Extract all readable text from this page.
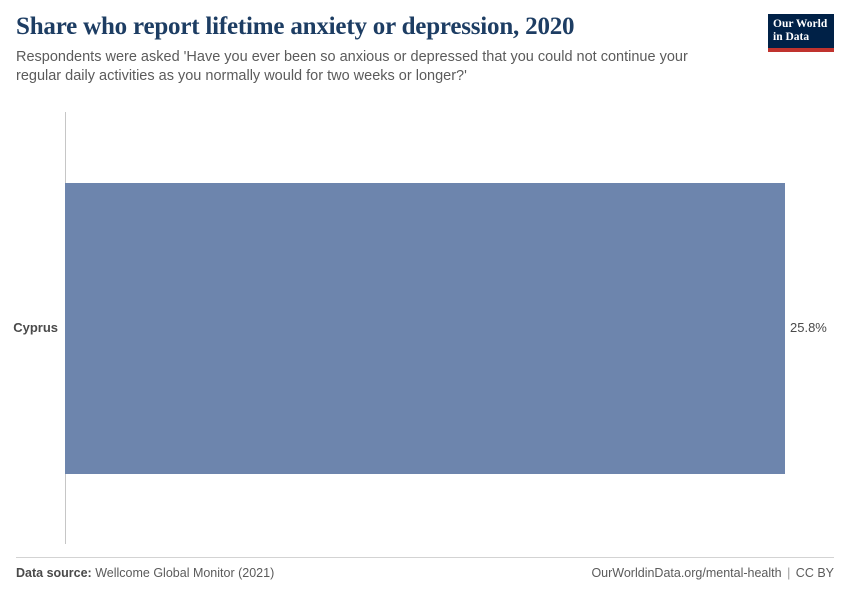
Share who report lifetime anxiety or depression, 2020

Respondents were asked 'Have you ever been so anxious or depressed that you could not continue your regular daily activities as you normally would for two weeks or longer?'

Our World
in Data
Cyprus	25.8%
Data source: Wellcome Global Monitor (2021)	OurWorldinData.org/mental-health | CC BY
